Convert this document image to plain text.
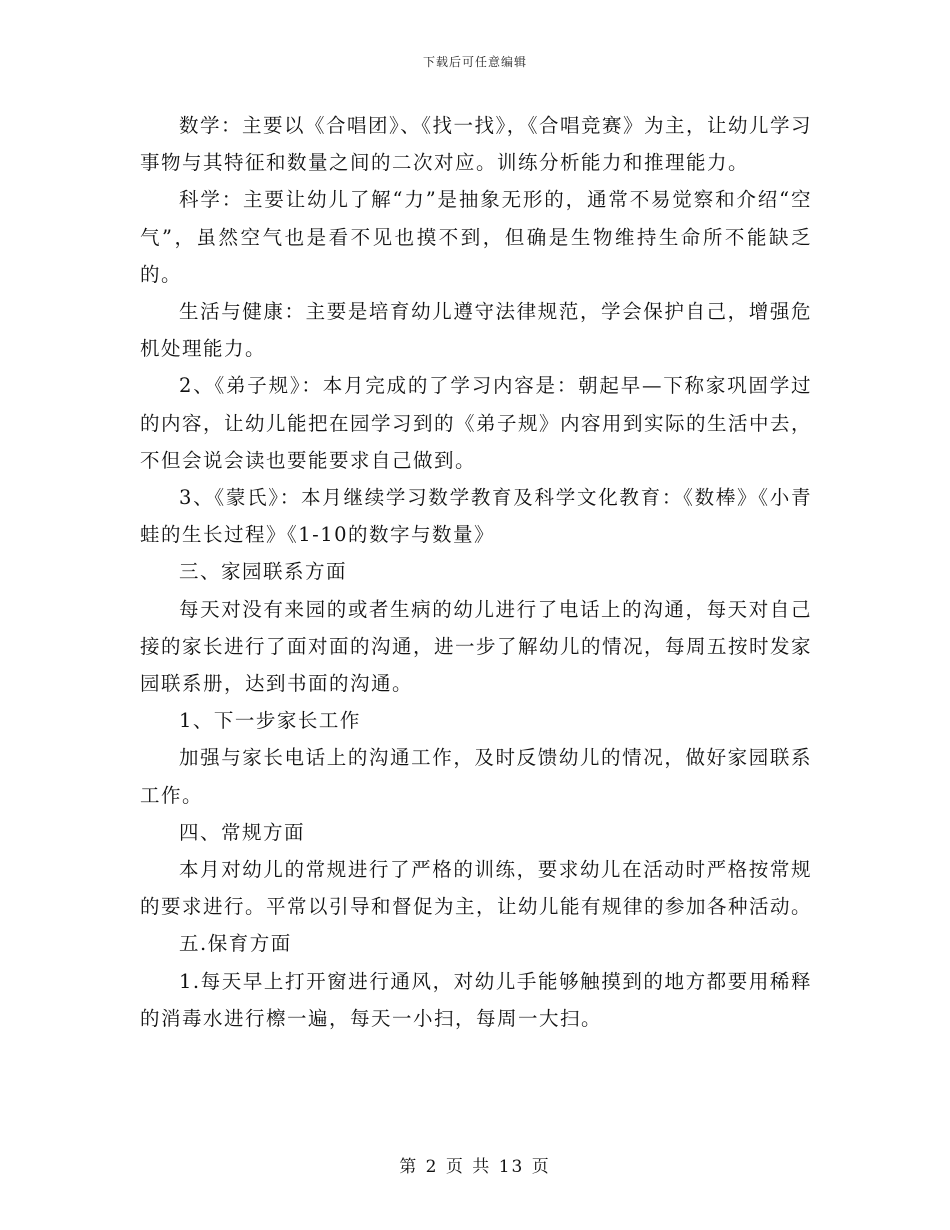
下载后可任意编辑

数学：主要以《合唱团》、《找一找》，《合唱竞赛》为主，让幼儿学习事物与其特征和数量之间的二次对应。训练分析能力和推理能力。

科学：主要让幼儿了解“力”是抽象无形的，通常不易觉察和介绍“空气”，虽然空气也是看不见也摸不到，但确是生物维持生命所不能缺乏的。

生活与健康：主要是培育幼儿遵守法律规范，学会保护自己，增强危机处理能力。

2、《弟子规》：本月完成的了学习内容是：朝起早—下称家巩固学过的内容，让幼儿能把在园学习到的《弟子规》内容用到实际的生活中去，不但会说会读也要能要求自己做到。

3、《蒙氏》：本月继续学习数学教育及科学文化教育：《数棒》《小青蛙的生长过程》《1-10的数字与数量》

三、家园联系方面

每天对没有来园的或者生病的幼儿进行了电话上的沟通，每天对自己接的家长进行了面对面的沟通，进一步了解幼儿的情况，每周五按时发家园联系册，达到书面的沟通。

1、下一步家长工作

加强与家长电话上的沟通工作，及时反馈幼儿的情况，做好家园联系工作。

四、常规方面

本月对幼儿的常规进行了严格的训练，要求幼儿在活动时严格按常规的要求进行。平常以引导和督促为主，让幼儿能有规律的参加各种活动。

五.保育方面

1.每天早上打开窗进行通风，对幼儿手能够触摸到的地方都要用稀释的消毒水进行檫一遍，每天一小扫，每周一大扫。

第 2 页 共 13 页
